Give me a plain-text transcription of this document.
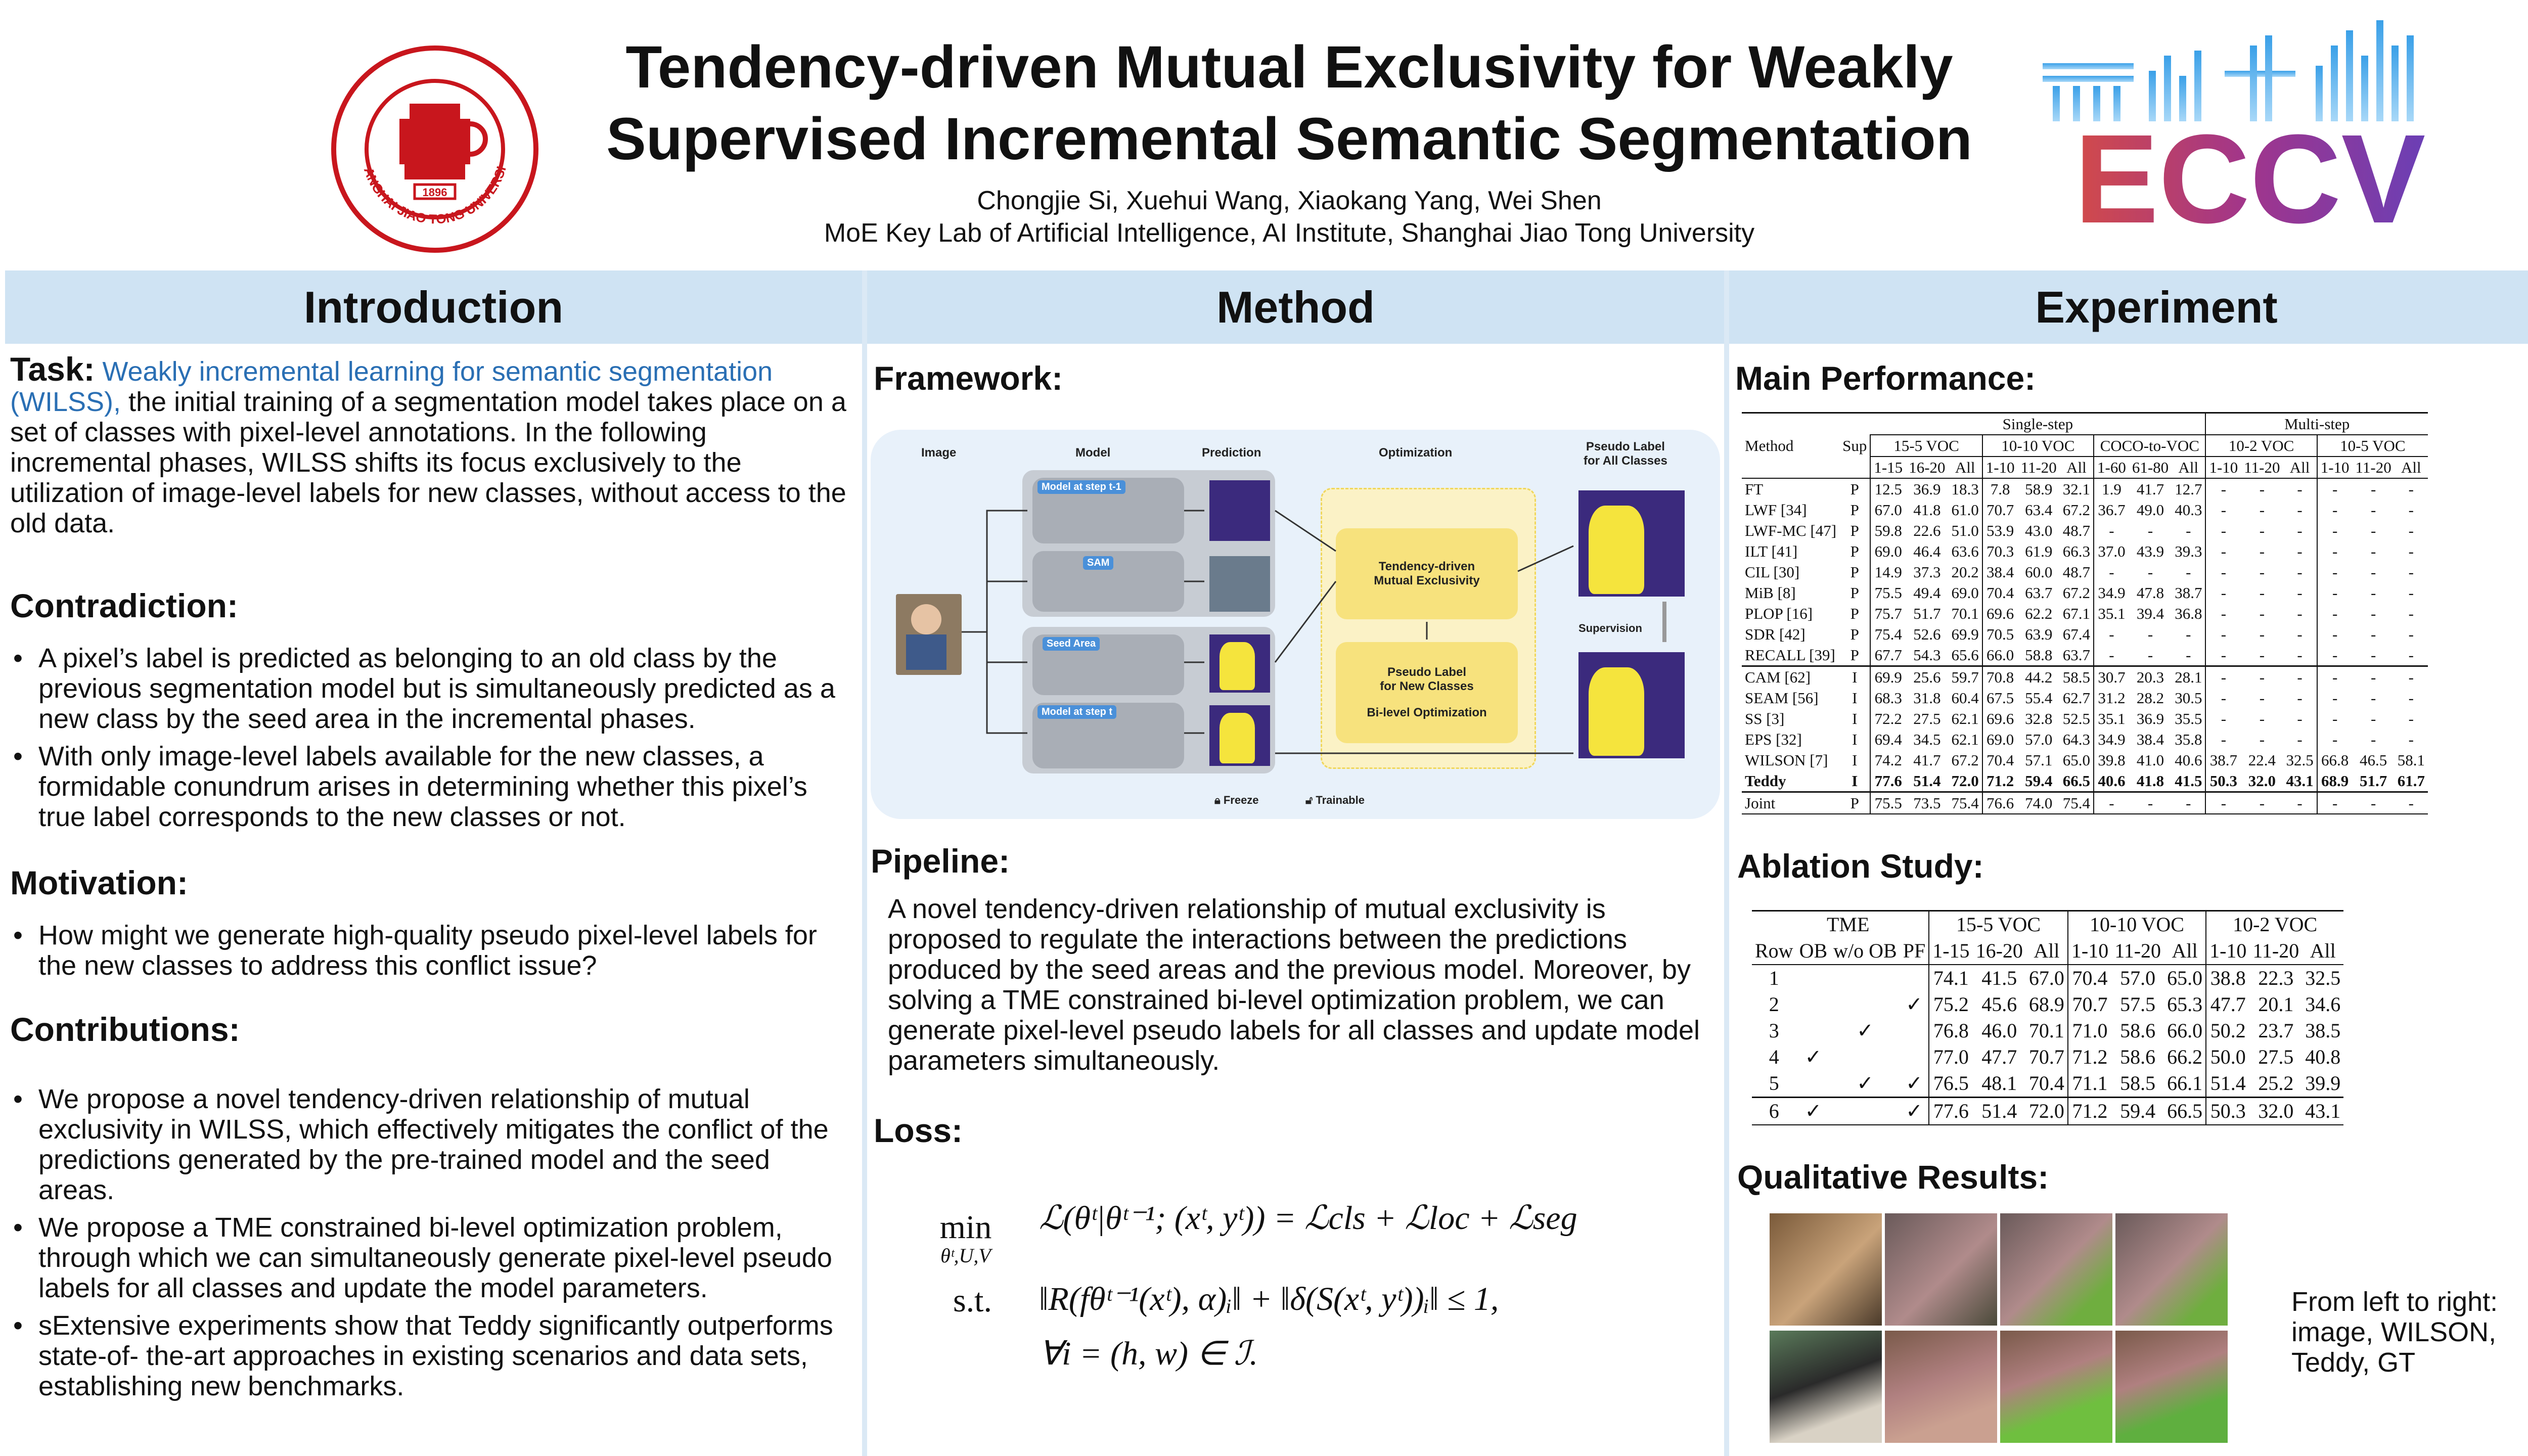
1896
ANGHAI JIAO TONG UNIVERSI
Tendency-driven Mutual Exclusivity for Weakly
Supervised Incremental Semantic Segmentation
Chongjie Si, Xuehui Wang, Xiaokang Yang, Wei Shen
MoE Key Lab of Artificial Intelligence, AI Institute, Shanghai Jiao Tong University	ECCV
Introduction	Method	Experiment
Task: Weakly incremental learning for semantic segmentation (WILSS), the initial training of a segmentation model takes place on a set of classes with pixel-level annotations. In the following incremental phases, WILSS shifts its focus exclusively to the utilization of image-level labels for new classes, without access to the old data.
Contradiction:
• A pixel’s label is predicted as belonging to an old class by the previous segmentation model but is simultaneously predicted as a new class by the seed area in the incremental phases.
• With only image-level labels available for the new classes, a formidable conundrum arises in determining whether this pixel’s true label corresponds to the new classes or not.
Motivation:
• How might we generate high-quality pseudo pixel-level labels for the new classes to address this conflict issue?
Contributions:
• We propose a novel tendency-driven relationship of mutual exclusivity in WILSS, which effectively mitigates the conflict of the predictions generated by the pre-trained model and the seed areas.
• We propose a TME constrained bi-level optimization problem, through which we can simultaneously generate pixel-level pseudo labels for all classes and update the model parameters.
• sExtensive experiments show that Teddy significantly outperforms state-of- the-art approaches in existing scenarios and data sets, establishing new benchmarks.
Framework:
Image	Model	Prediction	Optimization	Pseudo Label
for All Classes
Model at step t-1
SAM
Seed Area
Model at step t
Tendency-driven
Mutual Exclusivity
Pseudo Label
for New Classes
Bi-level Optimization
Supervision
🔒︎ Freeze	🔓︎ Trainable
Pipeline:
A novel tendency-driven relationship of mutual exclusivity is proposed to regulate the interactions between the predictions produced by the seed areas and the previous model. Moreover, by solving a TME constrained bi-level optimization problem, we can generate pixel-level pseudo labels for all classes and update model parameters simultaneously.
Loss:
min
θᵗ,U,V
ℒ(θᵗ|θᵗ⁻¹; (xᵗ, yᵗ)) = ℒcls + ℒloc + ℒseg
s.t. ‖R(fθᵗ⁻¹(xᵗ), α)ᵢ‖ + ‖δ(S(xᵗ, yᵗ))ᵢ‖ ≤ 1,
∀i = (h, w) ∈ ℐ.
Main Performance:
		Single-step									Multi-step					
Method	Sup	15-5 VOC			10-10 VOC			COCO-to-VOC			10-2 VOC			10-5 VOC		
		1-15	16-20	All	1-10	11-20	All	1-60	61-80	All	1-10	11-20	All	1-10	11-20	All
FT	P	12.5	36.9	18.3	7.8	58.9	32.1	1.9	41.7	12.7	-	-	-	-	-	-
LWF [34]	P	67.0	41.8	61.0	70.7	63.4	67.2	36.7	49.0	40.3	-	-	-	-	-	-
LWF-MC [47]	P	59.8	22.6	51.0	53.9	43.0	48.7	-	-	-	-	-	-	-	-	-
ILT [41]	P	69.0	46.4	63.6	70.3	61.9	66.3	37.0	43.9	39.3	-	-	-	-	-	-
CIL [30]	P	14.9	37.3	20.2	38.4	60.0	48.7	-	-	-	-	-	-	-	-	-
MiB [8]	P	75.5	49.4	69.0	70.4	63.7	67.2	34.9	47.8	38.7	-	-	-	-	-	-
PLOP [16]	P	75.7	51.7	70.1	69.6	62.2	67.1	35.1	39.4	36.8	-	-	-	-	-	-
SDR [42]	P	75.4	52.6	69.9	70.5	63.9	67.4	-	-	-	-	-	-	-	-	-
RECALL [39]	P	67.7	54.3	65.6	66.0	58.8	63.7	-	-	-	-	-	-	-	-	-
CAM [62]	I	69.9	25.6	59.7	70.8	44.2	58.5	30.7	20.3	28.1	-	-	-	-	-	-
SEAM [56]	I	68.3	31.8	60.4	67.5	55.4	62.7	31.2	28.2	30.5	-	-	-	-	-	-
SS [3]	I	72.2	27.5	62.1	69.6	32.8	52.5	35.1	36.9	35.5	-	-	-	-	-	-
EPS [32]	I	69.4	34.5	62.1	69.0	57.0	64.3	34.9	38.4	35.8	-	-	-	-	-	-
WILSON [7]	I	74.2	41.7	67.2	70.4	57.1	65.0	39.8	41.0	40.6	38.7	22.4	32.5	66.8	46.5	58.1
Teddy	I	77.6	51.4	72.0	71.2	59.4	66.5	40.6	41.8	41.5	50.3	32.0	43.1	68.9	51.7	61.7
Joint	P	75.5	73.5	75.4	76.6	74.0	75.4	-	-	-	-	-	-	-	-	-
Ablation Study:
	TME			15-5 VOC			10-10 VOC			10-2 VOC		
Row	OB	w/o OB	PF	1-15	16-20	All	1-10	11-20	All	1-10	11-20	All
1				74.1	41.5	67.0	70.4	57.0	65.0	38.8	22.3	32.5
2			✓	75.2	45.6	68.9	70.7	57.5	65.3	47.7	20.1	34.6
3		✓		76.8	46.0	70.1	71.0	58.6	66.0	50.2	23.7	38.5
4	✓			77.0	47.7	70.7	71.2	58.6	66.2	50.0	27.5	40.8
5		✓	✓	76.5	48.1	70.4	71.1	58.5	66.1	51.4	25.2	39.9
6	✓		✓	77.6	51.4	72.0	71.2	59.4	66.5	50.3	32.0	43.1
Qualitative Results:
From left to right:
image, WILSON,
Teddy, GT
